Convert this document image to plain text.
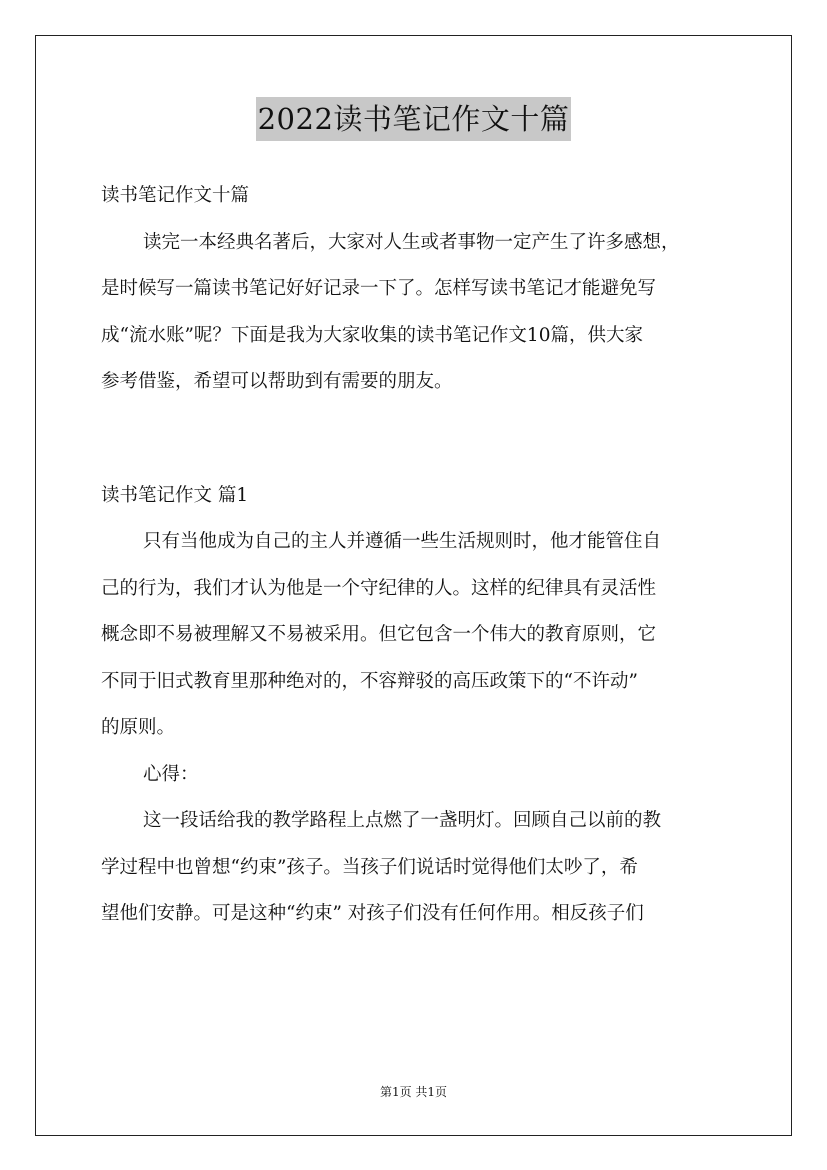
2022读书笔记作文十篇
读书笔记作文十篇
读完一本经典名著后，大家对人生或者事物一定产生了许多感想，
是时候写一篇读书笔记好好记录一下了。怎样写读书笔记才能避免写
成“流水账”呢？下面是我为大家收集的读书笔记作文10篇，供大家
参考借鉴，希望可以帮助到有需要的朋友。
读书笔记作文 篇1
只有当他成为自己的主人并遵循一些生活规则时，他才能管住自
己的行为，我们才认为他是一个守纪律的人。这样的纪律具有灵活性
概念即不易被理解又不易被采用。但它包含一个伟大的教育原则，它
不同于旧式教育里那种绝对的，不容辩驳的高压政策下的“不许动”
的原则。
心得：
这一段话给我的教学路程上点燃了一盏明灯。回顾自己以前的教
学过程中也曾想“约束”孩子。当孩子们说话时觉得他们太吵了，希
望他们安静。可是这种“约束” 对孩子们没有任何作用。相反孩子们
第1页 共1页
